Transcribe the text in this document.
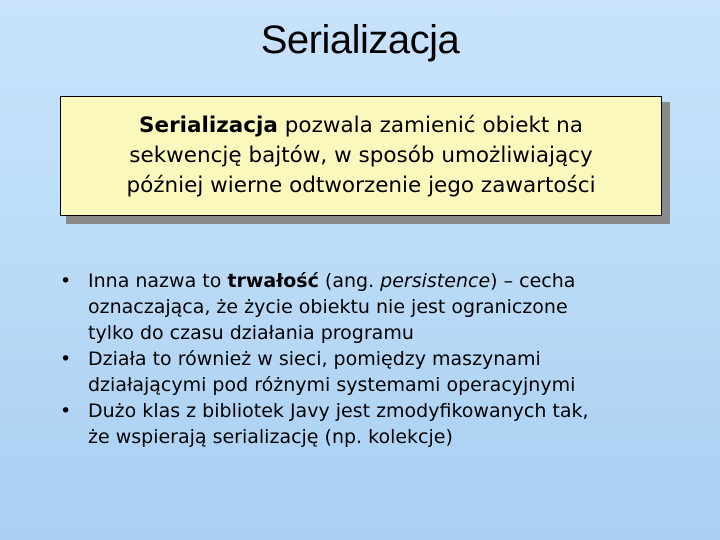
Serializacja
Serializacja pozwala zamienić obiekt na
sekwencję bajtów, w sposób umożliwiający
później wierne odtworzenie jego zawartości
• Inna nazwa to trwałość (ang. persistence) – cecha
oznaczająca, że życie obiektu nie jest ograniczone
tylko do czasu działania programu
• Działa to również w sieci, pomiędzy maszynami
działającymi pod różnymi systemami operacyjnymi
• Dużo klas z bibliotek Javy jest zmodyfikowanych tak,
że wspierają serializację (np. kolekcje)
